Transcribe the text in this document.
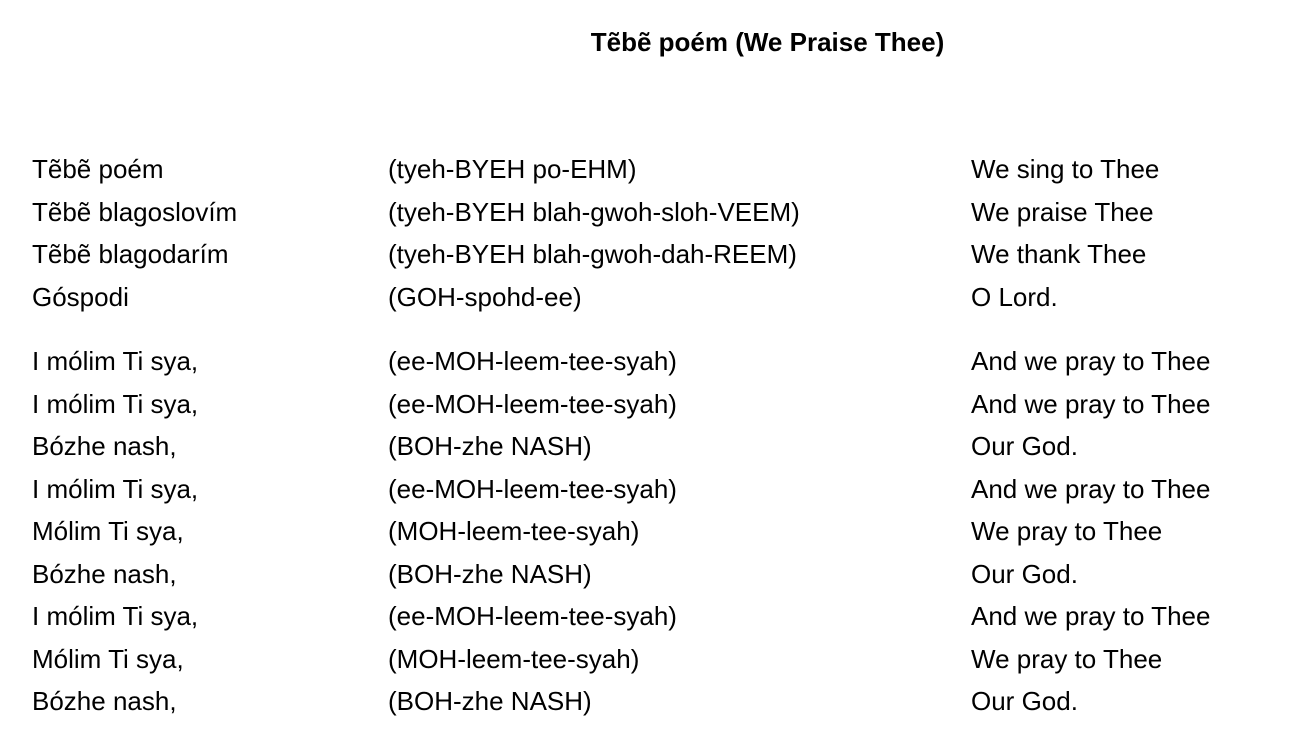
Tẽbẽ poém (We Praise Thee)
Tẽbẽ poém	(tyeh-BYEH po-EHM)	We sing to Thee
Tẽbẽ blagoslovím	(tyeh-BYEH blah-gwoh-sloh-VEEM)	We praise Thee
Tẽbẽ blagodarím	(tyeh-BYEH blah-gwoh-dah-REEM)	We thank Thee
Góspodi	(GOH-spohd-ee)	O Lord.
I mólim Ti sya,	(ee-MOH-leem-tee-syah)	And we pray to Thee
I mólim Ti sya,	(ee-MOH-leem-tee-syah)	And we pray to Thee
Bózhe nash,	(BOH-zhe NASH)	Our God.
I mólim Ti sya,	(ee-MOH-leem-tee-syah)	And we pray to Thee
Mólim Ti sya,	(MOH-leem-tee-syah)	We pray to Thee
Bózhe nash,	(BOH-zhe NASH)	Our God.
I mólim Ti sya,	(ee-MOH-leem-tee-syah)	And we pray to Thee
Mólim Ti sya,	(MOH-leem-tee-syah)	We pray to Thee
Bózhe nash,	(BOH-zhe NASH)	Our God.
